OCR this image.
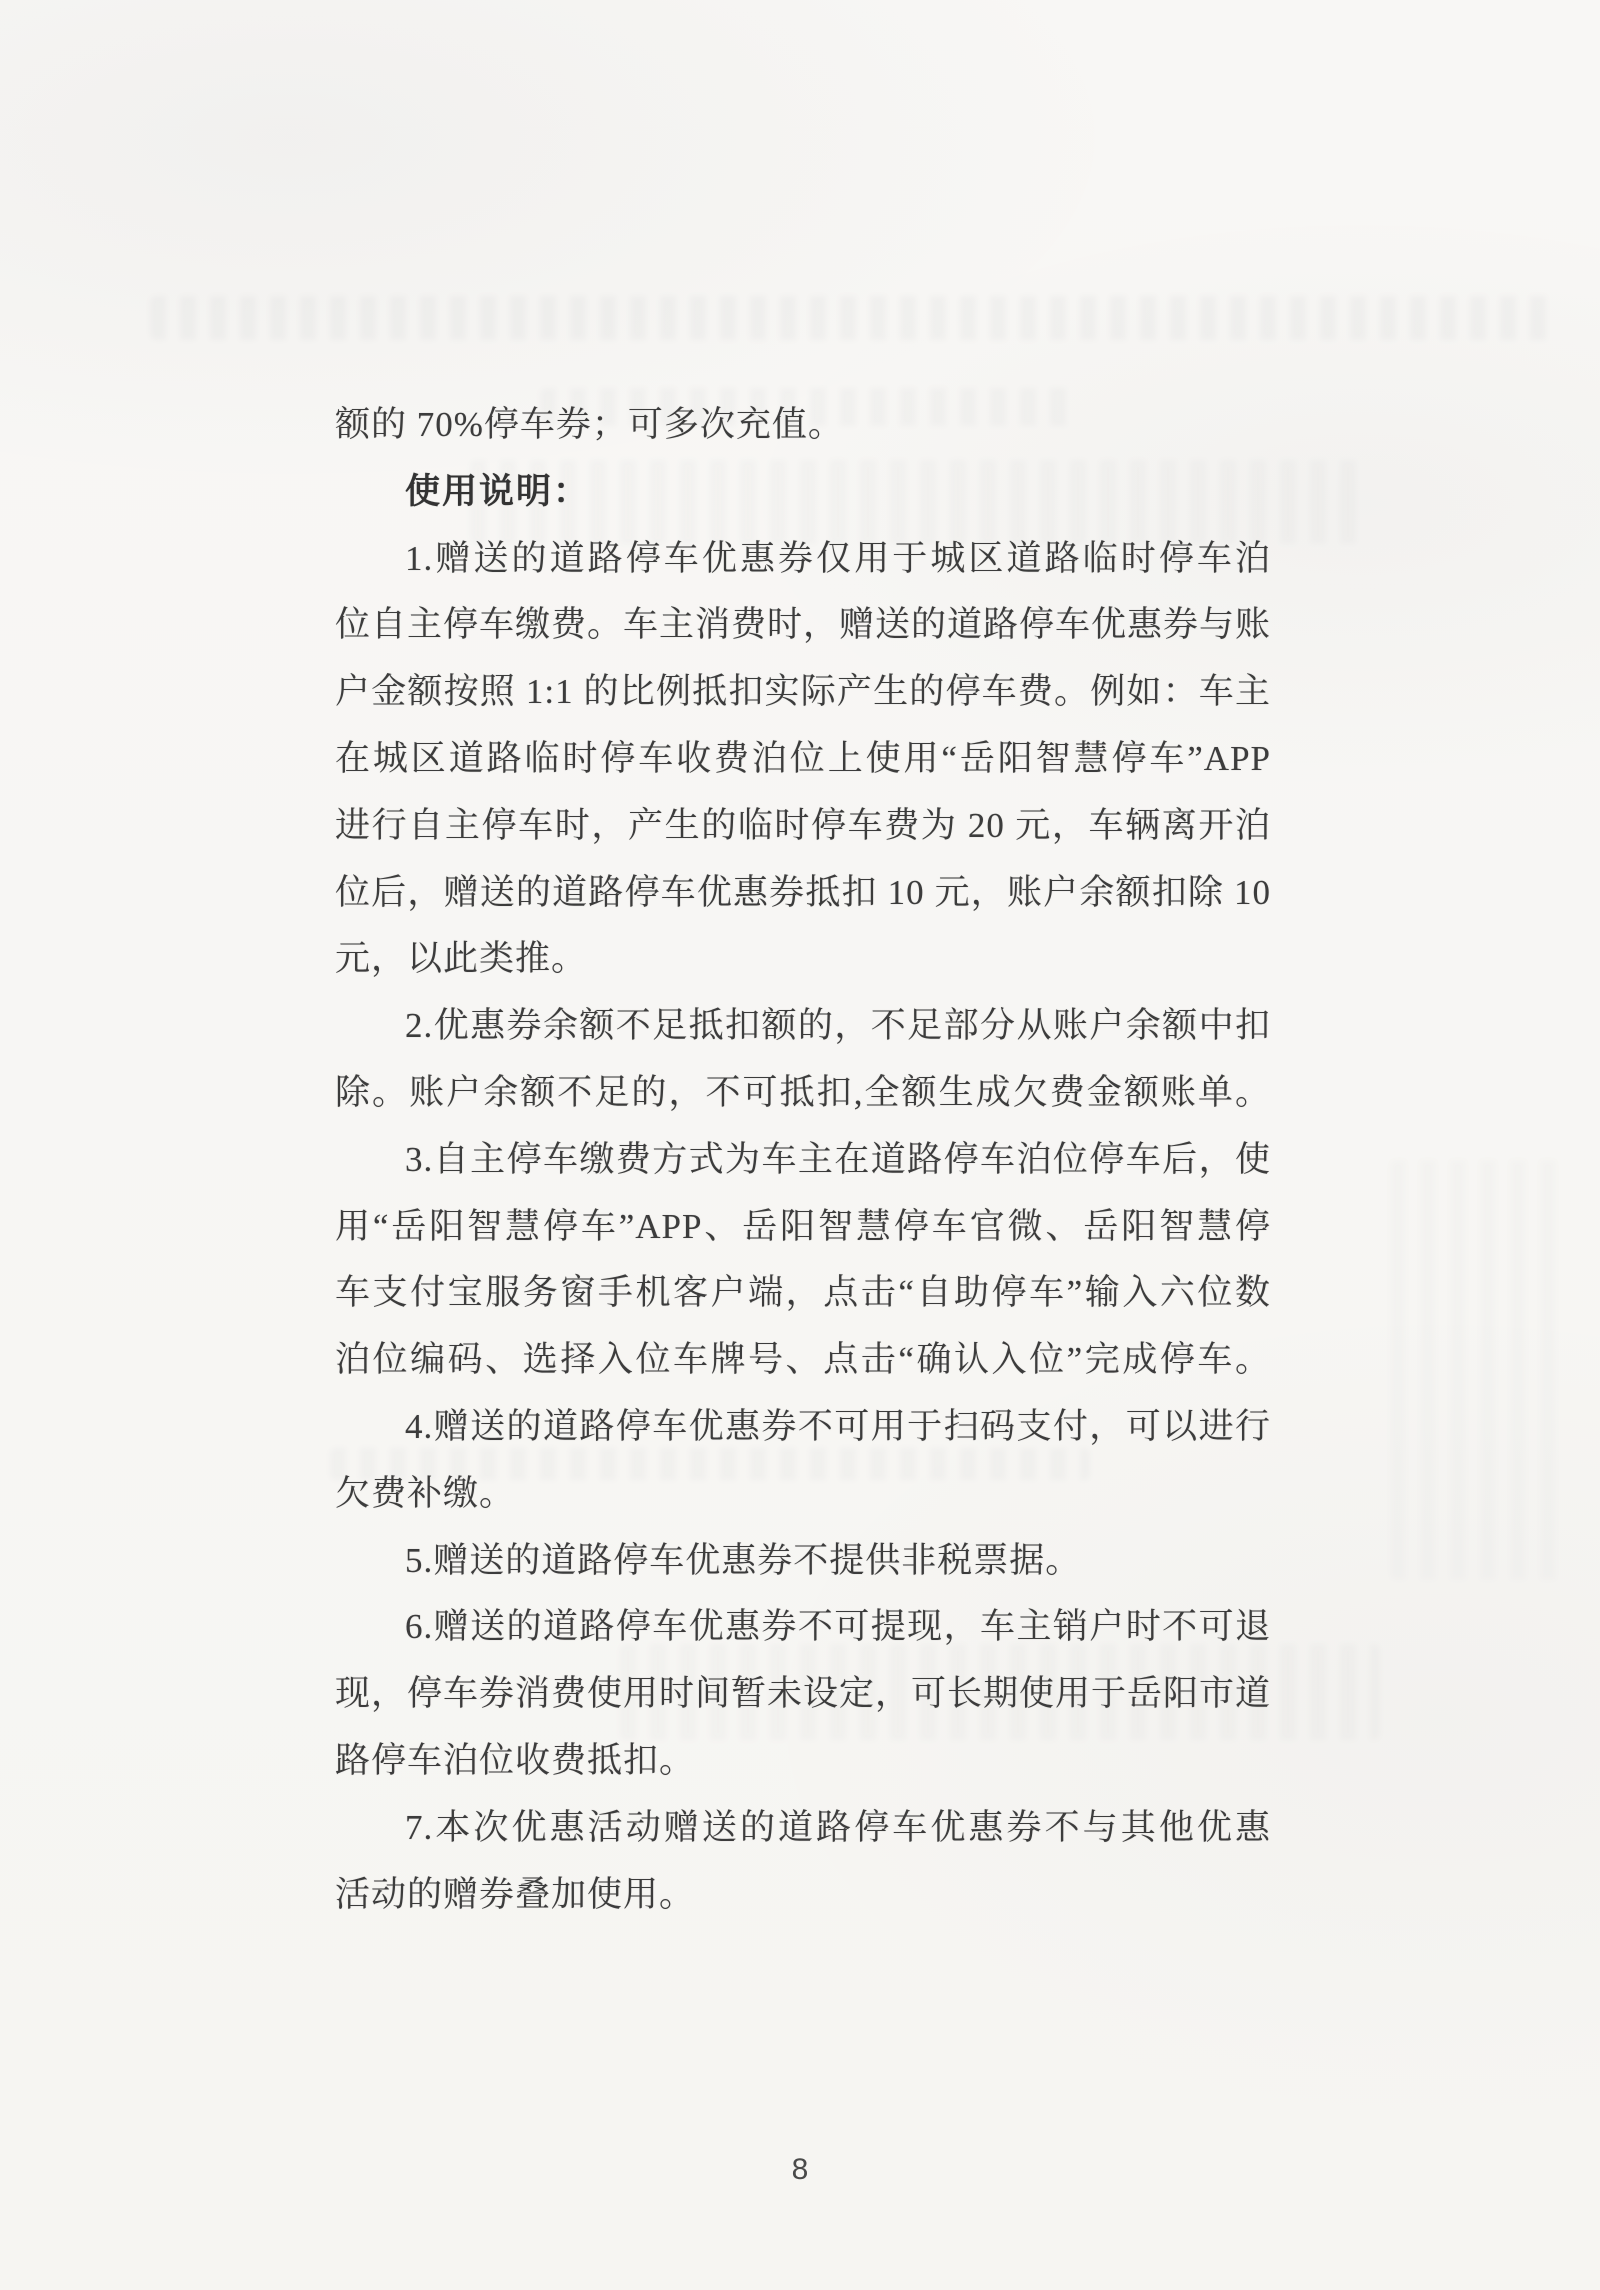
额的 70%停车券；可多次充值。
使用说明：
1.赠送的道路停车优惠券仅用于城区道路临时停车泊
位自主停车缴费。车主消费时，赠送的道路停车优惠券与账
户金额按照 1:1 的比例抵扣实际产生的停车费。例如：车主
在城区道路临时停车收费泊位上使用“岳阳智慧停车”APP
进行自主停车时，产生的临时停车费为 20 元，车辆离开泊
位后，赠送的道路停车优惠券抵扣 10 元，账户余额扣除 10
元，以此类推。
2.优惠券余额不足抵扣额的，不足部分从账户余额中扣
除。账户余额不足的，不可抵扣,全额生成欠费金额账单。
3.自主停车缴费方式为车主在道路停车泊位停车后，使
用“岳阳智慧停车”APP、岳阳智慧停车官微、岳阳智慧停
车支付宝服务窗手机客户端，点击“自助停车”输入六位数
泊位编码、选择入位车牌号、点击“确认入位”完成停车。
4.赠送的道路停车优惠券不可用于扫码支付，可以进行
欠费补缴。
5.赠送的道路停车优惠券不提供非税票据。
6.赠送的道路停车优惠券不可提现，车主销户时不可退
现，停车券消费使用时间暂未设定，可长期使用于岳阳市道
路停车泊位收费抵扣。
7.本次优惠活动赠送的道路停车优惠券不与其他优惠
活动的赠券叠加使用。
8
